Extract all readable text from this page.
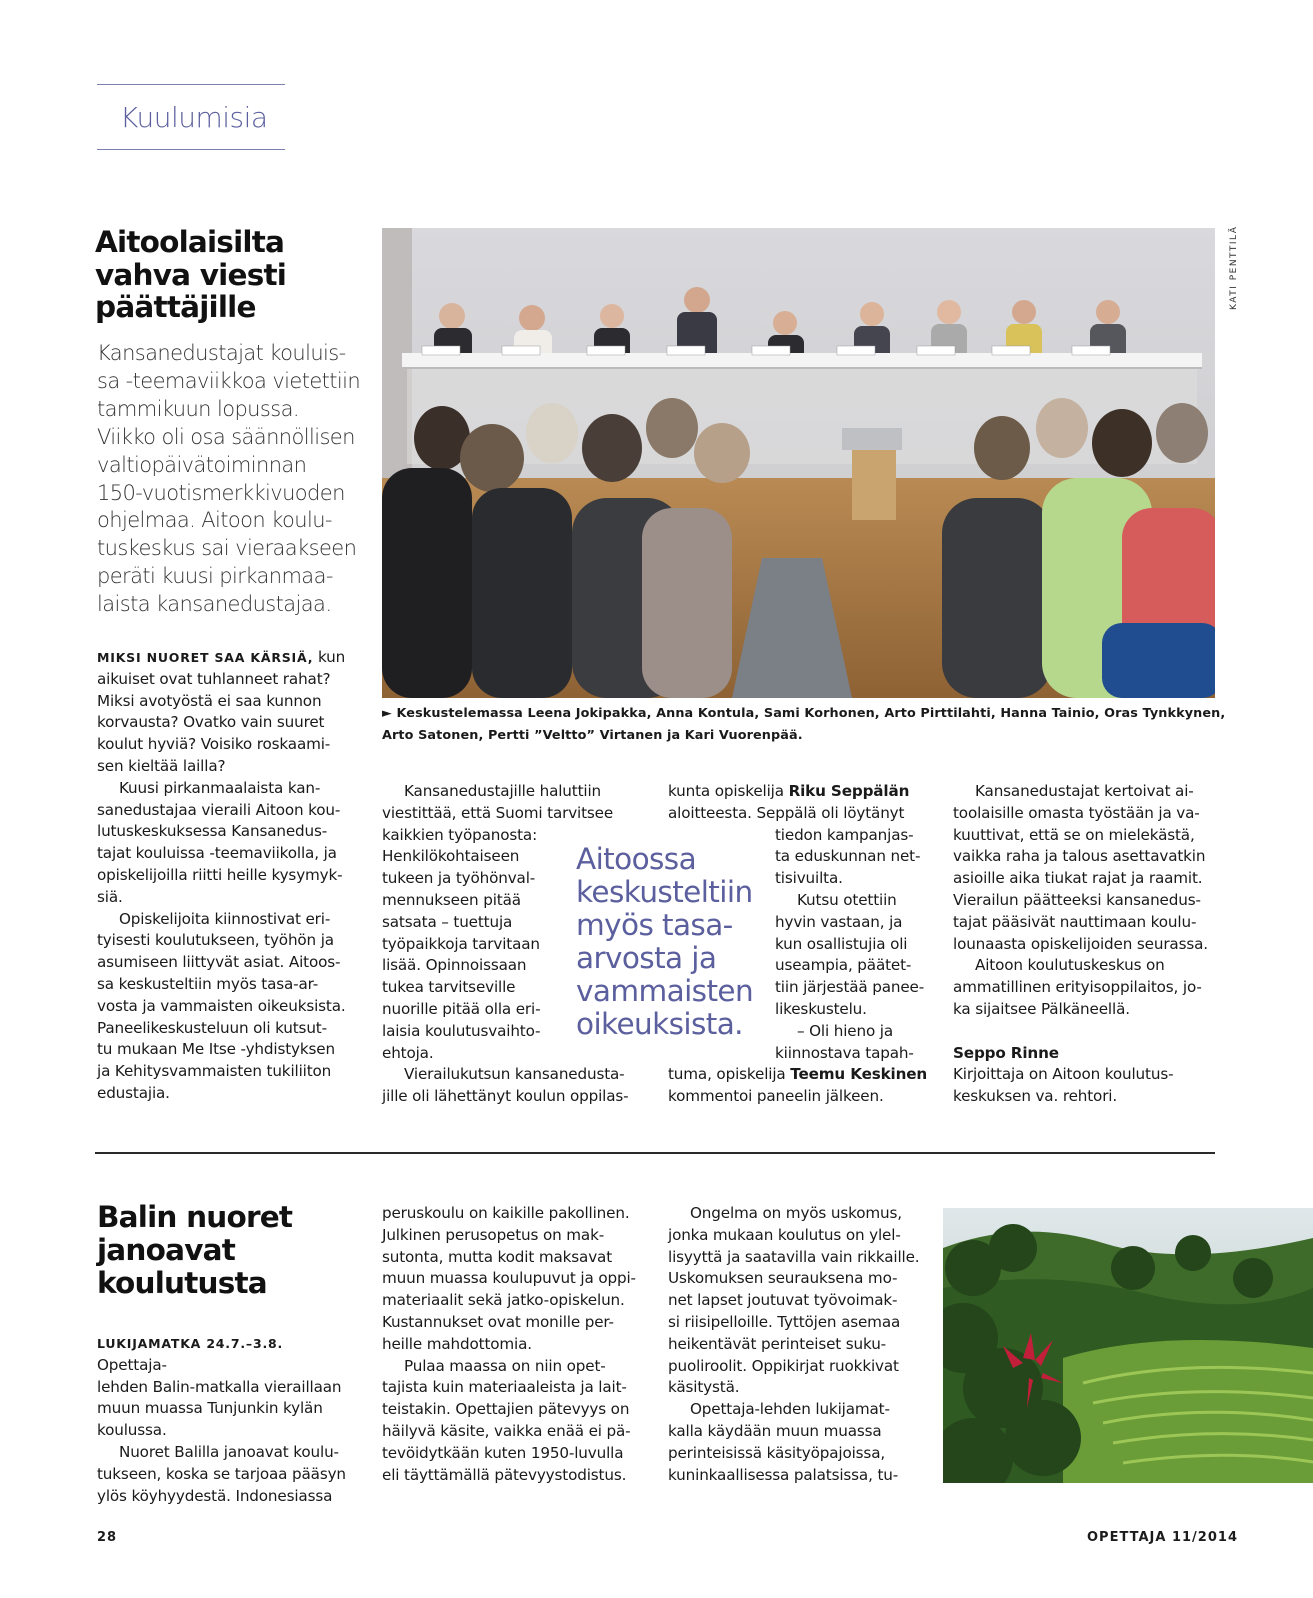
Kuulumisia
Aitoolaisilta
vahva viesti
päättäjille
Kansanedustajat kouluis-
sa -teemaviikkoa vietettiin
tammikuun lopussa.
Viikko oli osa säännöllisen
valtiopäivätoiminnan
150-vuotismerkkivuoden
ohjelmaa. Aitoon koulu-
tuskeskus sai vieraakseen
peräti kuusi pirkanmaa-
laista kansanedustajaa.

MIKSI NUORET SAA KÄRSIÄ, kun

aikuiset ovat tuhlanneet rahat?

Miksi avotyöstä ei saa kunnon

korvausta? Ovatko vain suuret

koulut hyviä? Voisiko roskaami-

sen kieltää lailla?

Kuusi pirkanmaalaista kan-

sanedustajaa vieraili Aitoon kou-

lutuskeskuksessa Kansanedus-

tajat kouluissa -teemaviikolla, ja

opiskelijoilla riitti heille kysymyk-

siä.

Opiskelijoita kiinnostivat eri-

tyisesti koulutukseen, työhön ja

asumiseen liittyvät asiat. Aitoos-

sa keskusteltiin myös tasa-ar-

vosta ja vammaisten oikeuksista.

Paneelikeskusteluun oli kutsut-

tu mukaan Me Itse -yhdistyksen

ja Kehitysvammaisten tukiliiton

edustajia.

KATI PENTTILÄ
► Keskustelemassa Leena Jokipakka, Anna Kontula, Sami Korhonen, Arto Pirttilahti, Hanna Tainio, Oras Tynkkynen,
Arto Satonen, Pertti ”Veltto” Virtanen ja Kari Vuorenpää.

Kansanedustajille haluttiin

viestittää, että Suomi tarvitsee

kaikkien työpanosta:

Henkilökohtaiseen

tukeen ja työhönval-

mennukseen pitää

satsata – tuettuja

työpaikkoja tarvitaan

lisää. Opinnoissaan

tukea tarvitseville

nuorille pitää olla eri-

laisia koulutusvaihto-

ehtoja.

Vierailukutsun kansanedusta-

jille oli lähettänyt koulun oppilas-

Aitoossa
keskusteltiin
myös tasa-
arvosta ja
vammaisten
oikeuksista.

kunta opiskelija Riku Seppälän

aloitteesta. Seppälä oli löytänyt

tiedon kampanjas-

ta eduskunnan net-

tisivuilta.

Kutsu otettiin

hyvin vastaan, ja

kun osallistujia oli

useampia, päätet-

tiin järjestää panee-

likeskustelu.

– Oli hieno ja

kiinnostava tapah-

tuma, opiskelija Teemu Keskinen

kommentoi paneelin jälkeen.

Kansanedustajat kertoivat ai-

toolaisille omasta työstään ja va-

kuuttivat, että se on mielekästä,

vaikka raha ja talous asettavatkin

asioille aika tiukat rajat ja raamit.

Vierailun päätteeksi kansanedus-

tajat pääsivät nauttimaan koulu-

lounaasta opiskelijoiden seurassa.

Aitoon koulutuskeskus on

ammatillinen erityisoppilaitos, jo-

ka sijaitsee Pälkäneellä.

Seppo Rinne

Kirjoittaja on Aitoon koulutus-

keskuksen va. rehtori.

Balin nuoret
janoavat
koulutusta

LUKIJAMATKA 24.7.–3.8. Opettaja-

lehden Balin-matkalla vieraillaan

muun muassa Tunjunkin kylän

koulussa.

Nuoret Balilla janoavat koulu-

tukseen, koska se tarjoaa pääsyn

ylös köyhyydestä. Indonesiassa

peruskoulu on kaikille pakollinen.

Julkinen perusopetus on mak-

sutonta, mutta kodit maksavat

muun muassa koulupuvut ja oppi-

materiaalit sekä jatko-opiskelun.

Kustannukset ovat monille per-

heille mahdottomia.

Pulaa maassa on niin opet-

tajista kuin materiaaleista ja lait-

teistakin. Opettajien pätevyys on

häilyvä käsite, vaikka enää ei pä-

tevöidytkään kuten 1950-luvulla

eli täyttämällä pätevyystodistus.

Ongelma on myös uskomus,

jonka mukaan koulutus on ylel-

lisyyttä ja saatavilla vain rikkaille.

Uskomuksen seurauksena mo-

net lapset joutuvat työvoimak-

si riisipelloille. Tyttöjen asemaa

heikentävät perinteiset suku-

puoliroolit. Oppikirjat ruokkivat

käsitystä.

Opettaja-lehden lukijamat-

kalla käydään muun muassa

perinteisissä käsityöpajoissa,

kuninkaallisessa palatsissa, tu-

28	OPETTAJA 11/2014
